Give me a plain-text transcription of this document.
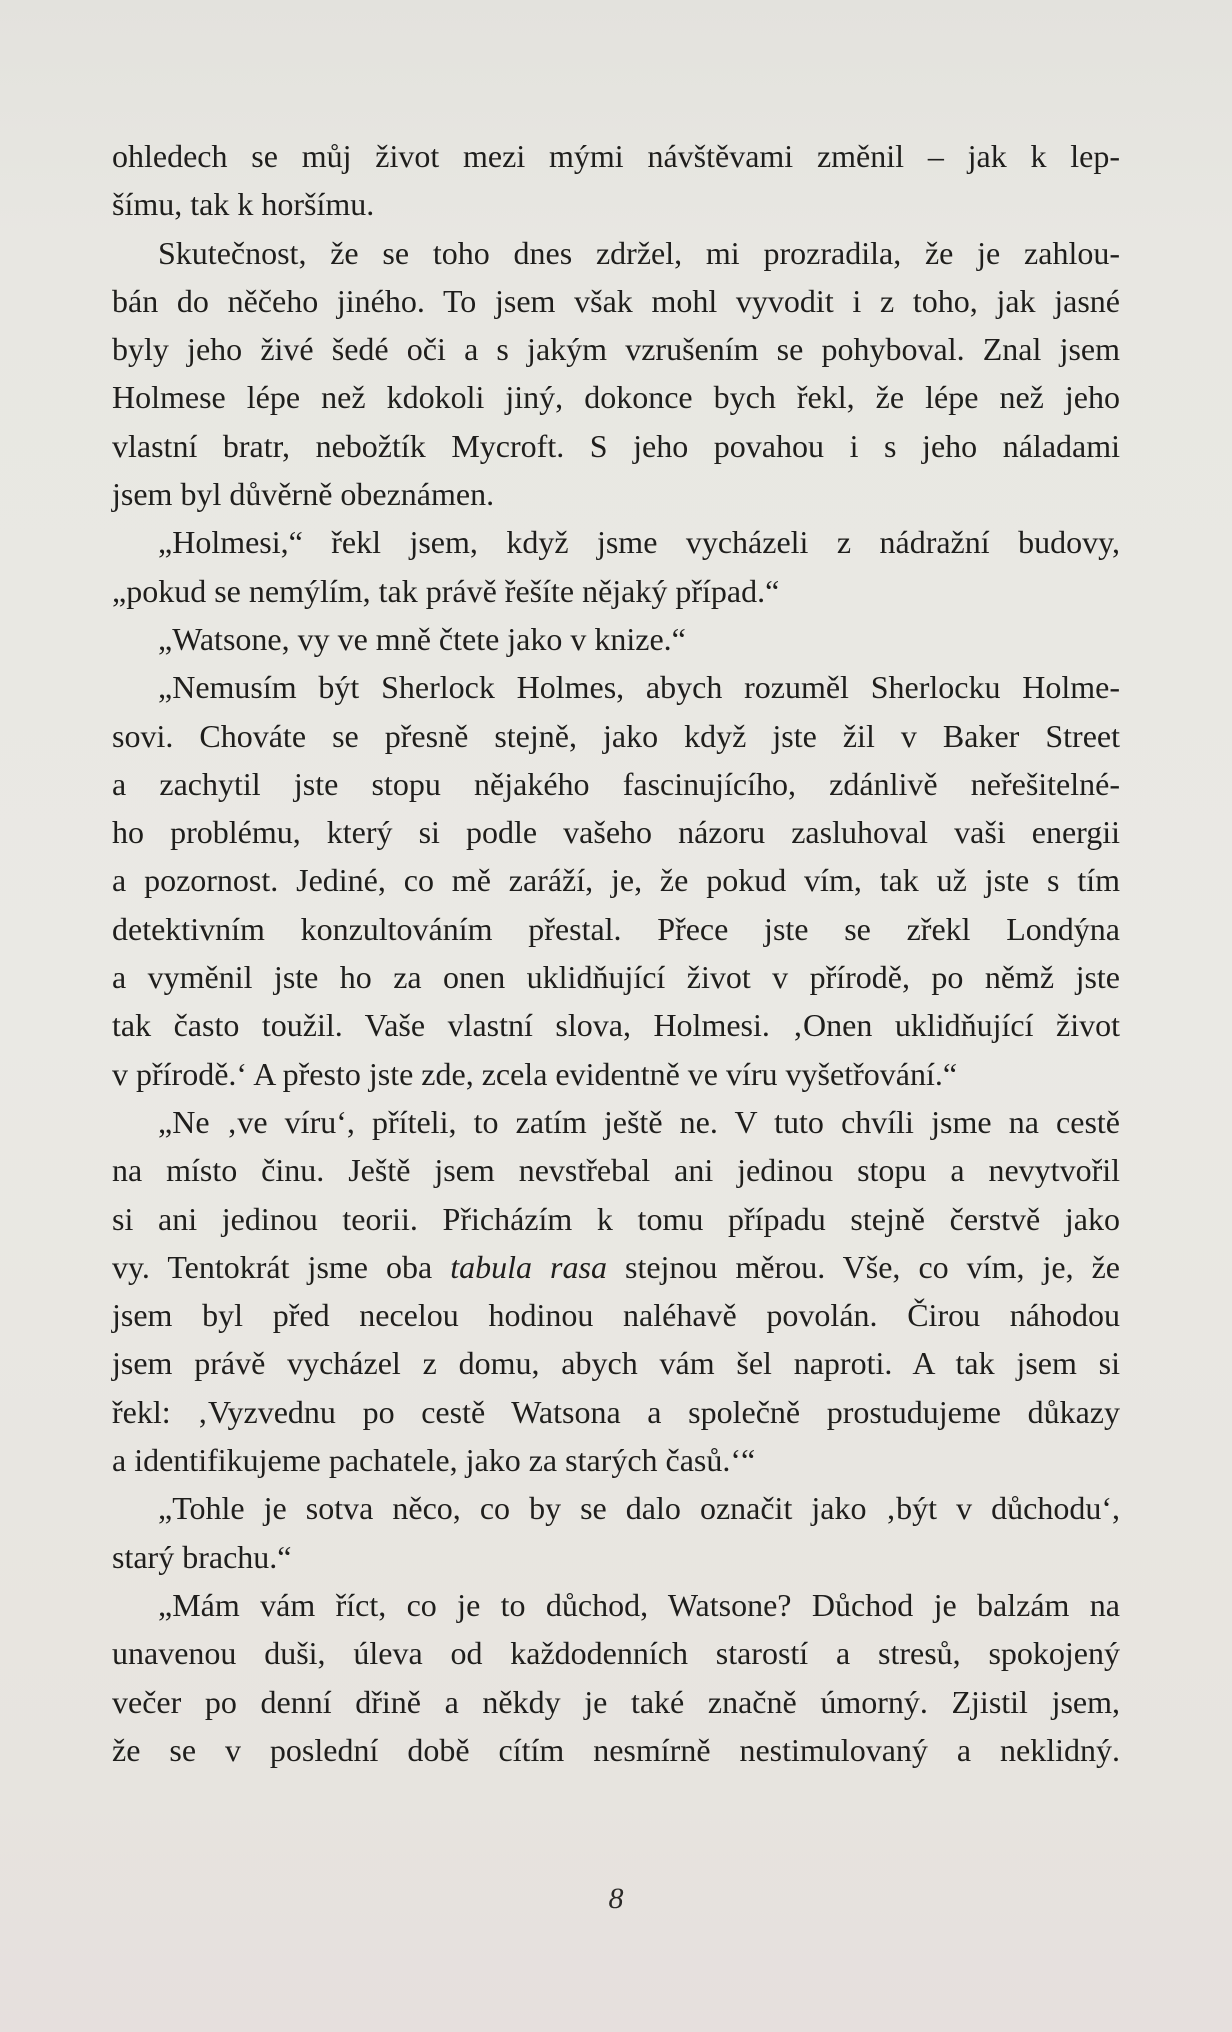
ohledech se můj život mezi mými návštěvami změnil – jak k lep-
šímu, tak k horšímu.
Skutečnost, že se toho dnes zdržel, mi prozradila, že je zahlou-
bán do něčeho jiného. To jsem však mohl vyvodit i z toho, jak jasné
byly jeho živé šedé oči a s jakým vzrušením se pohyboval. Znal jsem
Holmese lépe než kdokoli jiný, dokonce bych řekl, že lépe než jeho
vlastní bratr, nebožtík Mycroft. S jeho povahou i s jeho náladami
jsem byl důvěrně obeznámen.
„Holmesi,“ řekl jsem, když jsme vycházeli z nádražní budovy,
„pokud se nemýlím, tak právě řešíte nějaký případ.“
„Watsone, vy ve mně čtete jako v knize.“
„Nemusím být Sherlock Holmes, abych rozuměl Sherlocku Holme-
sovi. Chováte se přesně stejně, jako když jste žil v Baker Street
a zachytil jste stopu nějakého fascinujícího, zdánlivě neřešitelné-
ho problému, který si podle vašeho názoru zasluhoval vaši energii
a pozornost. Jediné, co mě zaráží, je, že pokud vím, tak už jste s tím
detektivním konzultováním přestal. Přece jste se zřekl Londýna
a vyměnil jste ho za onen uklidňující život v přírodě, po němž jste
tak často toužil. Vaše vlastní slova, Holmesi. ‚Onen uklidňující život
v přírodě.‘ A přesto jste zde, zcela evidentně ve víru vyšetřování.“
„Ne ‚ve víru‘, příteli, to zatím ještě ne. V tuto chvíli jsme na cestě
na místo činu. Ještě jsem nevstřebal ani jedinou stopu a nevytvořil
si ani jedinou teorii. Přicházím k tomu případu stejně čerstvě jako
vy. Tentokrát jsme oba tabula rasa stejnou měrou. Vše, co vím, je, že
jsem byl před necelou hodinou naléhavě povolán. Čirou náhodou
jsem právě vycházel z domu, abych vám šel naproti. A tak jsem si
řekl: ‚Vyzvednu po cestě Watsona a společně prostudujeme důkazy
a identifikujeme pachatele, jako za starých časů.‘“
„Tohle je sotva něco, co by se dalo označit jako ‚být v důchodu‘,
starý brachu.“
„Mám vám říct, co je to důchod, Watsone? Důchod je balzám na
unavenou duši, úleva od každodenních starostí a stresů, spokojený
večer po denní dřině a někdy je také značně úmorný. Zjistil jsem,
že se v poslední době cítím nesmírně nestimulovaný a neklidný.
8
